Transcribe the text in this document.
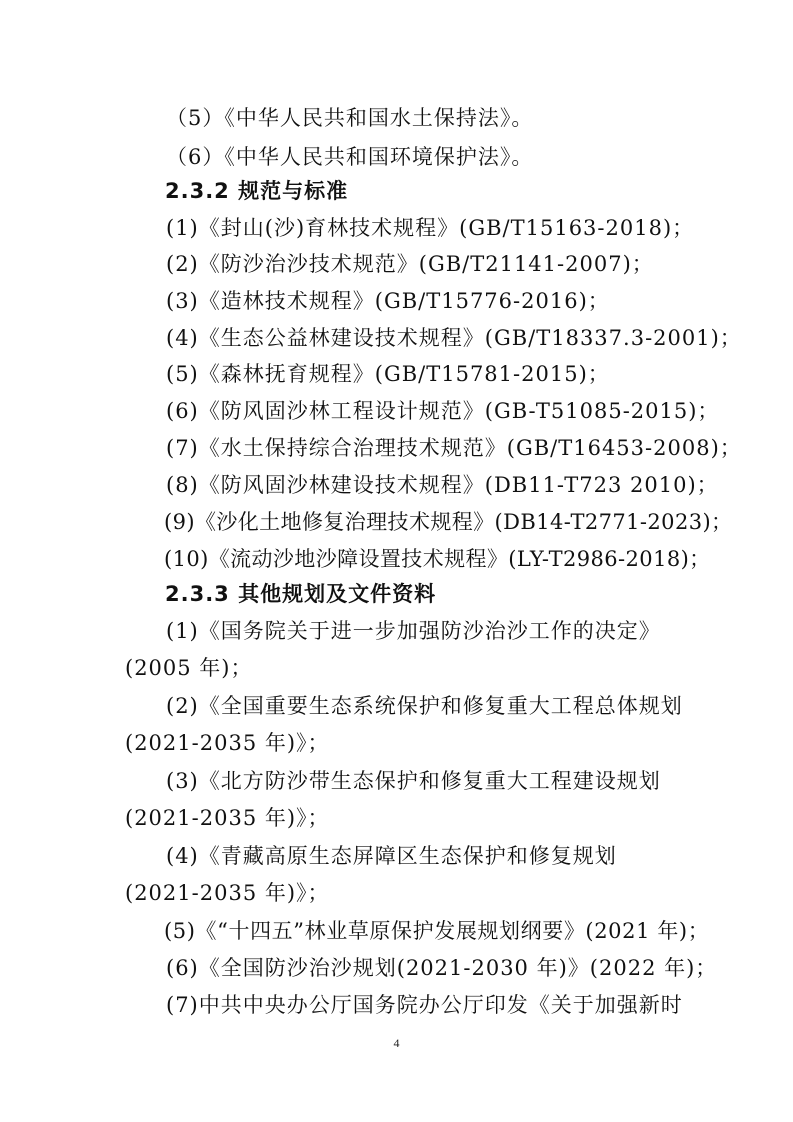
（5）《中华人民共和国水土保持法》。
（6）《中华人民共和国环境保护法》。
2.3.2 规范与标准
(1)《封山(沙)育林技术规程》(GB/T15163-2018)；
(2)《防沙治沙技术规范》(GB/T21141-2007)；
(3)《造林技术规程》(GB/T15776-2016)；
(4)《生态公益林建设技术规程》(GB/T18337.3-2001)；
(5)《森林抚育规程》(GB/T15781-2015)；
(6)《防风固沙林工程设计规范》(GB-T51085-2015)；
(7)《水土保持综合治理技术规范》(GB/T16453-2008)；
(8)《防风固沙林建设技术规程》(DB11-T723 2010)；
(9)《沙化土地修复治理技术规程》(DB14-T2771-2023)；
(10)《流动沙地沙障设置技术规程》(LY-T2986-2018)；
2.3.3 其他规划及文件资料
(1)《国务院关于进一步加强防沙治沙工作的决定》
(2005 年)；
(2)《全国重要生态系统保护和修复重大工程总体规划
(2021-2035 年)》；
(3)《北方防沙带生态保护和修复重大工程建设规划
(2021-2035 年)》；
(4)《青藏高原生态屏障区生态保护和修复规划
(2021-2035 年)》；
(5)《“十四五”林业草原保护发展规划纲要》(2021 年)；
(6)《全国防沙治沙规划(2021-2030 年)》(2022 年)；
(7)中共中央办公厅国务院办公厅印发《关于加强新时
4
